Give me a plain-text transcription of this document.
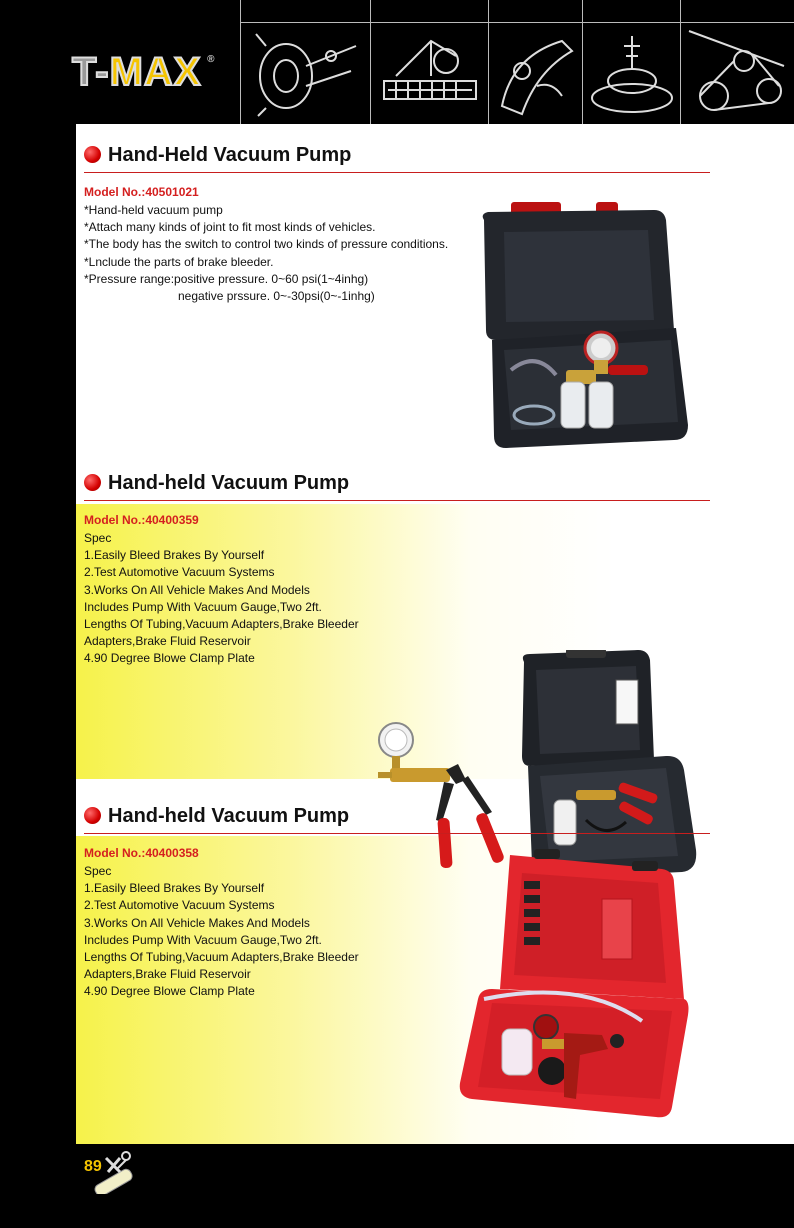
T-MAX ®
Hand-Held Vacuum Pump
Model No.:40501021
*Hand-held vacuum pump
*Attach many kinds of joint to fit most kinds of vehicles.
*The body has the switch to control two kinds of pressure conditions.
*Lnclude the parts of brake bleeder.
*Pressure range:positive pressure. 0~60 psi(1~4inhg)
negative prssure. 0~-30psi(0~-1inhg)
Hand-held Vacuum Pump
Model No.:40400359
Spec
1.Easily Bleed Brakes By Yourself
2.Test Automotive Vacuum Systems
3.Works On All Vehicle Makes And Models
Includes Pump With Vacuum Gauge,Two 2ft.
Lengths Of Tubing,Vacuum Adapters,Brake Bleeder
Adapters,Brake Fluid Reservoir
4.90 Degree Blowe Clamp Plate
Hand-held Vacuum Pump
Model No.:40400358
Spec
1.Easily Bleed Brakes By Yourself
2.Test Automotive Vacuum Systems
3.Works On All Vehicle Makes And Models
Includes Pump With Vacuum Gauge,Two 2ft.
Lengths Of Tubing,Vacuum Adapters,Brake Bleeder
Adapters,Brake Fluid Reservoir
4.90 Degree Blowe Clamp Plate
89
